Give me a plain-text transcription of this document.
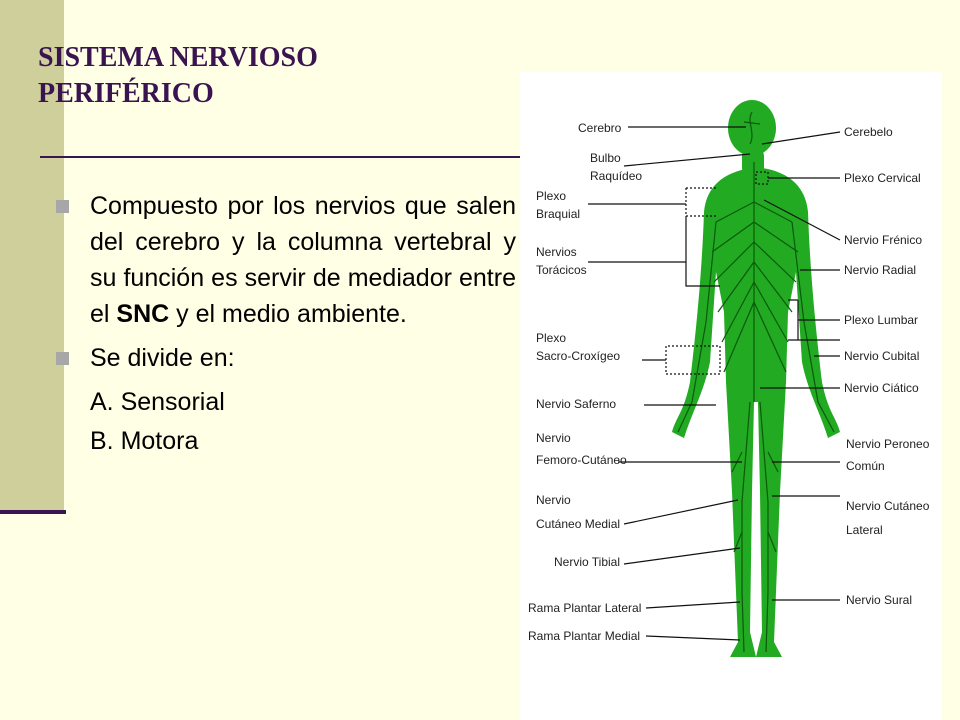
SISTEMA NERVIOSO
PERIFÉRICO
Compuesto por los nervios que salen del cerebro y la columna vertebral y su función es servir de mediador entre el SNC y el medio ambiente.
Se divide en:
A. Sensorial
B. Motora
Cerebro
Bulbo
Raquídeo
Plexo
Braquial
Nervios
Torácicos
Plexo
Sacro-Croxígeo
Nervio Saferno
Nervio
Femoro-Cutáneo
Nervio
Cutáneo Medial
Nervio Tibial
Rama Plantar Lateral
Rama Plantar Medial
Cerebelo
Plexo Cervical
Nervio Frénico
Nervio Radial
Plexo Lumbar
Nervio Cubital
Nervio Ciático
Nervio Peroneo
Común
Nervio Cutáneo
Lateral
Nervio Sural
